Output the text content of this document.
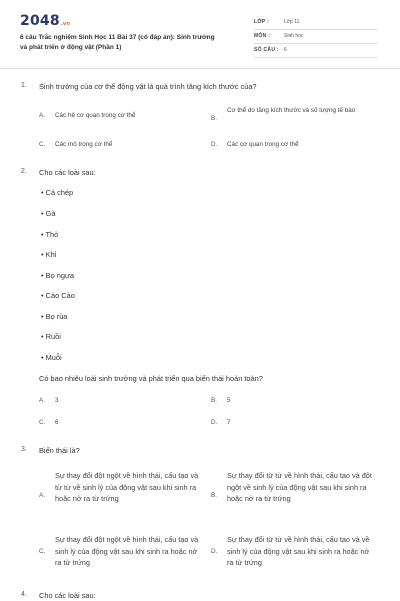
2048.vn
6 câu Trắc nghiệm Sinh Học 11 Bài 37 (có đáp án): Sinh trưởng và phát triển ở động vật (Phần 1)
LỚP :	Lớp 11
MÔN :	Sinh học
SỐ CÂU : 6
1. Sinh trưởng của cơ thể động vật là quá trình tăng kích thước của?
A. Các hệ cơ quan trong cơ thể	B.
Cơ thể do tăng kích thước và số lượng tế bào
C. Các mô trong cơ thể	D. Các cơ quan trong cơ thể
2. Cho các loài sau:
• Cá chép
• Gà
• Thỏ
• Khỉ
• Bọ ngựa
• Cào Cào
• Bọ rùa
• Ruồi
• Muỗi
Có bao nhiêu loài sinh trưởng và phát triển qua biến thái hoàn toàn?
A. 3	B. 5
C. 6	D. 7
3. Biến thái là?
A.
Sự thay đổi đột ngột về hình thái, cấu tạo và từ từ về sinh lý của động vật sau khi sinh ra hoặc nở ra từ trứng	B.
Sự thay đổi từ từ về hình thái, cấu tạo và đột ngột về sinh lý của động vật sau khi sinh ra hoặc nở ra từ trứng
C.
Sự thay đổi đột ngột về hình thái, cấu tạo và sinh lý của động vật sau khi sinh ra hoặc nở ra từ trứng
D.
Sự thay đổi từ từ về hình thái, cấu tạo và về sinh lý của động vật sau khi sinh ra hoặc nở ra từ trứng
4. Cho các loài sau:
